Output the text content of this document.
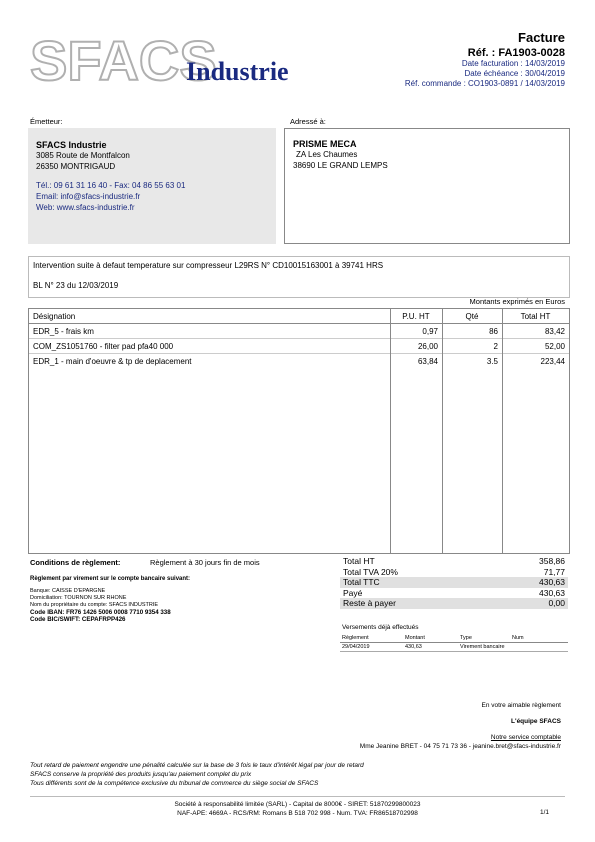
SFACS
Industrie
Facture
Réf. : FA1903-0028
Date facturation : 14/03/2019
Date échéance : 30/04/2019
Réf. commande : CO1903-0891 / 14/03/2019
Émetteur:
SFACS Industrie
3085 Route de Montfalcon
26350 MONTRIGAUD
Tél.: 09 61 31 16 40 - Fax: 04 86 55 63 01
Email: info@sfacs-industrie.fr
Web: www.sfacs-industrie.fr
Adressé à:
PRISME MECA
ZA Les Chaumes
38690 LE GRAND LEMPS
Intervention suite à defaut temperature sur compresseur L29RS N° CD10015163001 à 39741 HRS
BL N° 23 du 12/03/2019
Montants exprimés en Euros
Désignation	P.U. HT	Qté	Total HT
EDR_5 - frais km	0,97	86	83,42
COM_ZS1051760 - filter pad pfa40 000	26,00	2	52,00
EDR_1 - main d'oeuvre & tp de deplacement	63,84	3.5	223,44
Conditions de règlement:	Règlement à 30 jours fin de mois
Règlement par virement sur le compte bancaire suivant:
Banque: CAISSE D'EPARGNE
Domiciliation: TOURNON SUR RHONE
Nom du propriétaire du compte: SFACS INDUSTRIE
Code IBAN: FR76 1426 5006 0008 7710 9354 338
Code BIC/SWIFT: CEPAFRPP426
Total HT	358,86
Total TVA 20%	71,77
Total TTC	430,63
Payé	430,63
Reste à payer	0,00
Versements déjà effectués
Règlement	Montant	Type	Num
29/04/2019	430,63	Virement bancaire
En votre aimable règlement
L'équipe SFACS
Notre service comptable
Mme Jeanine BRET - 04 75 71 73 36 - jeanine.bret@sfacs-industrie.fr
Tout retard de paiement engendre une pénalité calculée sur la base de 3 fois le taux d'intérêt légal par jour de retard
SFACS conserve la propriété des produits jusqu'au paiement complet du prix
Tous différents sont de la compétence exclusive du tribunal de commerce du siège social de SFACS
Société à responsabilité limitée (SARL) - Capital de 8000€ - SIRET: 51870299800023
NAF-APE: 4669A - RCS/RM: Romans B 518 702 998 - Num. TVA: FR86518702998	1/1
